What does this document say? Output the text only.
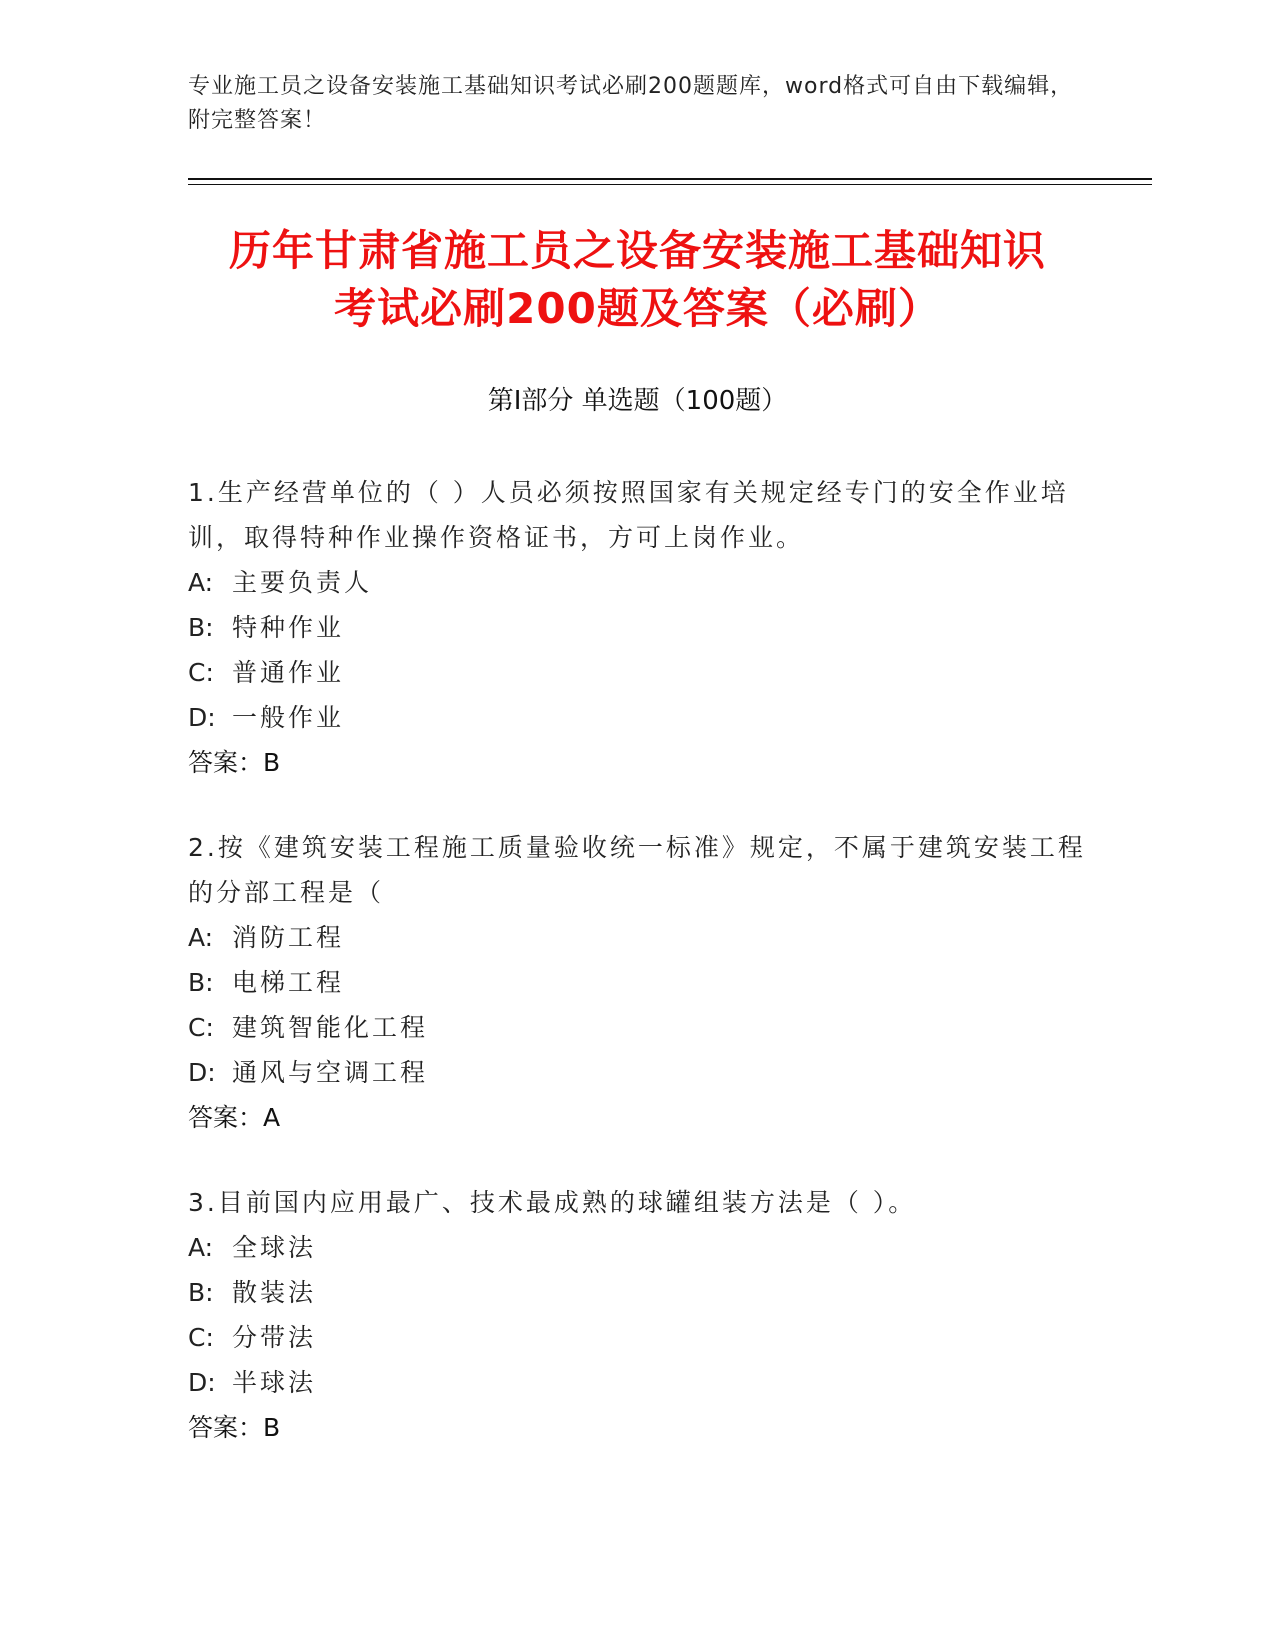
专业施工员之设备安装施工基础知识考试必刷200题题库，word格式可自由下载编辑，附完整答案！
历年甘肃省施工员之设备安装施工基础知识
考试必刷200题及答案（必刷）
第Ⅰ部分 单选题（100题）
1.生产经营单位的（ ）人员必须按照国家有关规定经专门的安全作业培训，取得特种作业操作资格证书，方可上岗作业。
A: 主要负责人
B: 特种作业
C: 普通作业
D: 一般作业
答案：B
2.按《建筑安装工程施工质量验收统一标准》规定，不属于建筑安装工程的分部工程是（
A: 消防工程
B: 电梯工程
C: 建筑智能化工程
D: 通风与空调工程
答案：A
3.目前国内应用最广、技术最成熟的球罐组装方法是（ ）。
A: 全球法
B: 散装法
C: 分带法
D: 半球法
答案：B
